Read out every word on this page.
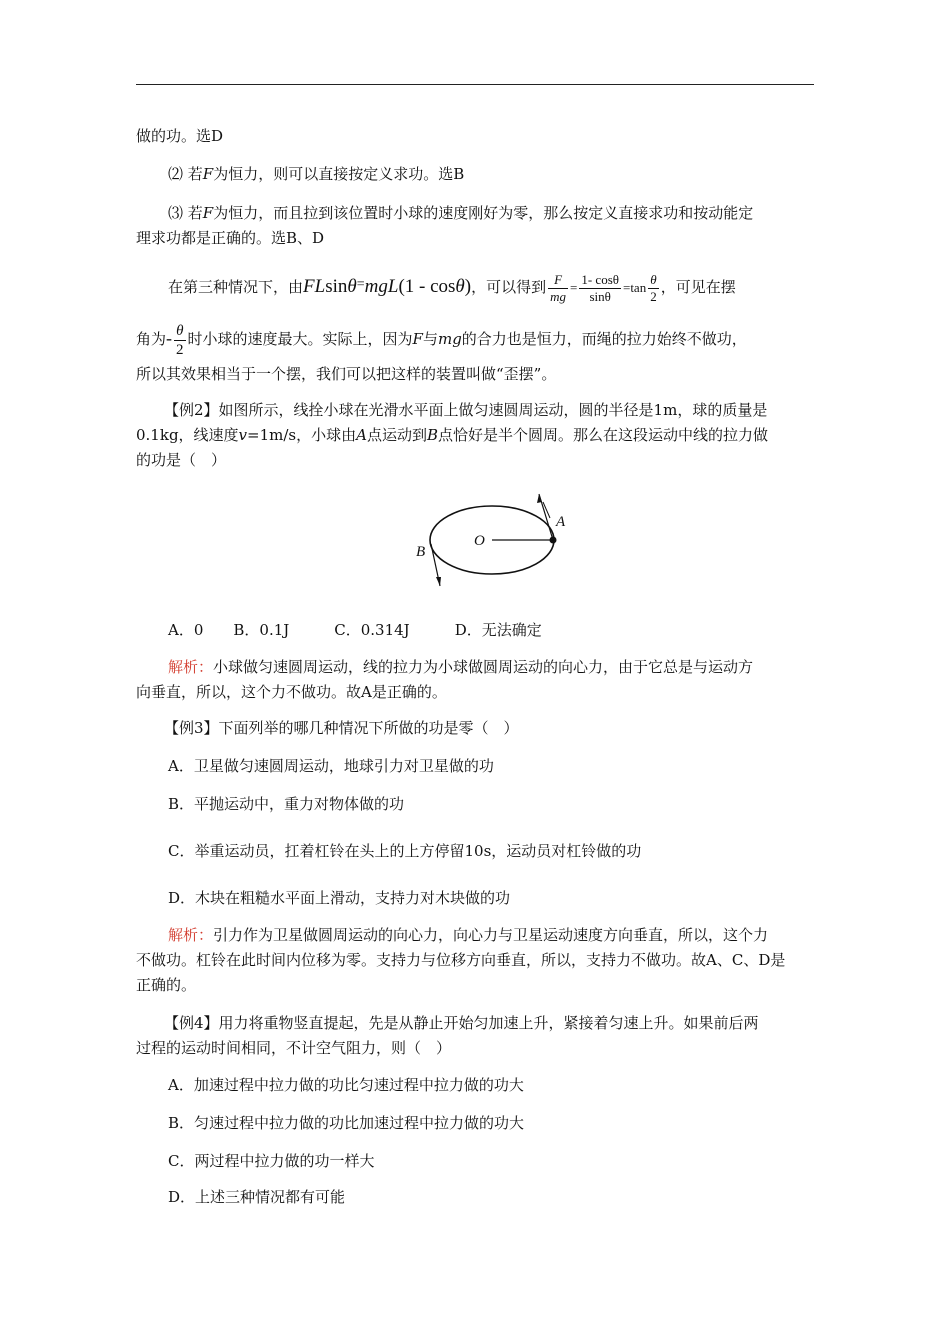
做的功。选D

⑵ 若F为恒力，则可以直接按定义求功。选B

⑶ 若F为恒力，而且拉到该位置时小球的速度刚好为零，那么按定义直接求功和按动能定

理求功都是正确的。选B、D

在第三种情况下，由FLsinθ=mgL(1 - cosθ)，可以得到 $\frac{F}{mg} = \frac{1- \cos\theta}{\sin\theta} =\tan \frac{\theta}{2}$ ，可见在摆

角为- $\frac{\theta}{2}$ 时小球的速度最大。实际上，因为F与mg的合力也是恒力，而绳的拉力始终不做功，

所以其效果相当于一个摆，我们可以把这样的装置叫做“歪摆”。

【例2】如图所示，线拴小球在光滑水平面上做匀速圆周运动，圆的半径是1m，球的质量是

0.1kg，线速度v=1m/s，小球由A点运动到B点恰好是半个圆周。那么在这段运动中线的拉力做

的功是（　）

O
A
B

A．0　　B．0.1J　　　C．0.314J　　　D．无法确定

解析：小球做匀速圆周运动，线的拉力为小球做圆周运动的向心力，由于它总是与运动方

向垂直，所以，这个力不做功。故A是正确的。

【例3】下面列举的哪几种情况下所做的功是零（　）

A．卫星做匀速圆周运动，地球引力对卫星做的功

B．平抛运动中，重力对物体做的功

C．举重运动员，扛着杠铃在头上的上方停留10s，运动员对杠铃做的功

D．木块在粗糙水平面上滑动，支持力对木块做的功

解析：引力作为卫星做圆周运动的向心力，向心力与卫星运动速度方向垂直，所以，这个力

不做功。杠铃在此时间内位移为零。支持力与位移方向垂直，所以，支持力不做功。故A、C、D是

正确的。

【例4】用力将重物竖直提起，先是从静止开始匀加速上升，紧接着匀速上升。如果前后两

过程的运动时间相同，不计空气阻力，则（　）

A．加速过程中拉力做的功比匀速过程中拉力做的功大

B．匀速过程中拉力做的功比加速过程中拉力做的功大

C．两过程中拉力做的功一样大

D．上述三种情况都有可能
